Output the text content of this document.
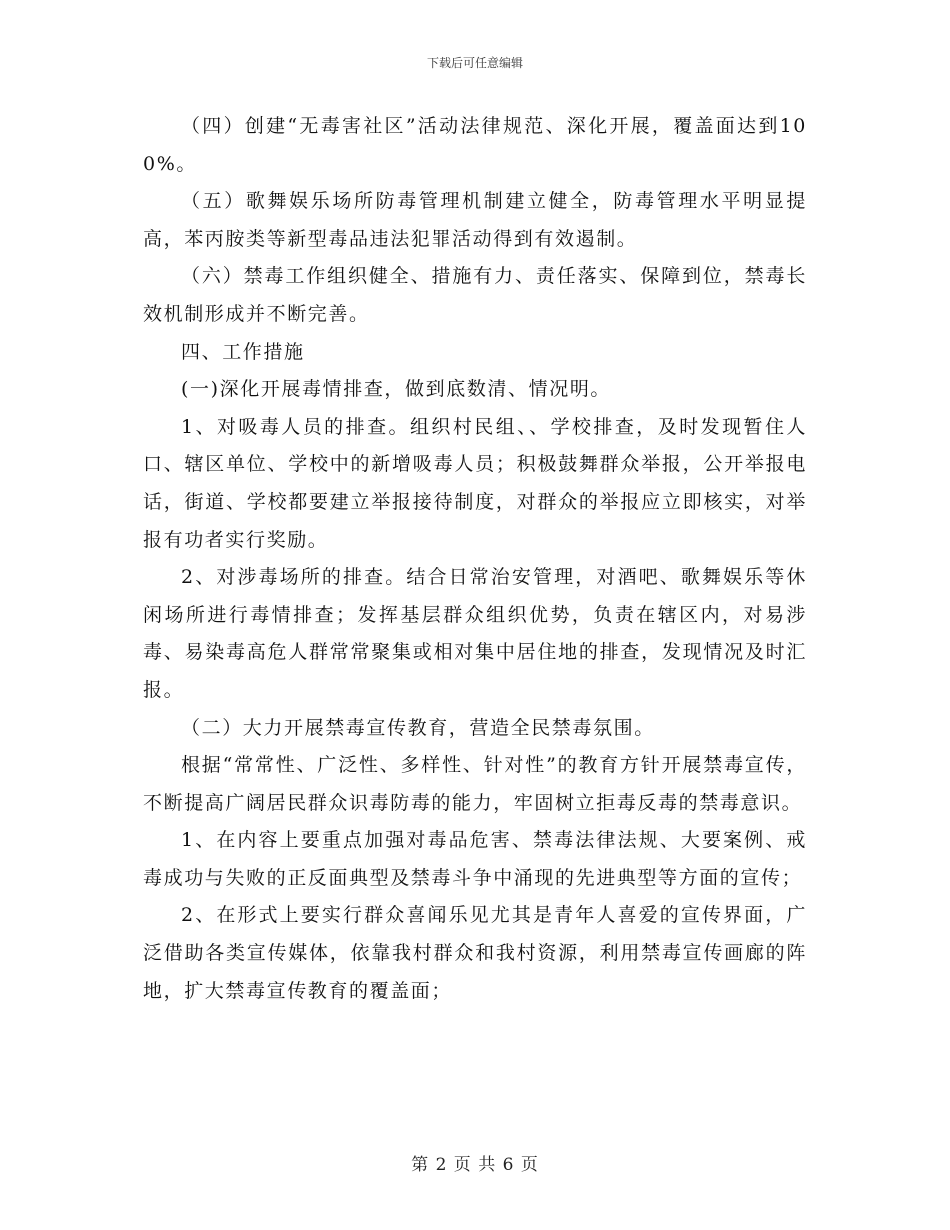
下载后可任意编辑

（四）创建“无毒害社区”活动法律规范、深化开展，覆盖面达到100%。

（五）歌舞娱乐场所防毒管理机制建立健全，防毒管理水平明显提高，苯丙胺类等新型毒品违法犯罪活动得到有效遏制。

（六）禁毒工作组织健全、措施有力、责任落实、保障到位，禁毒长效机制形成并不断完善。

四、工作措施

(一)深化开展毒情排查，做到底数清、情况明。

1、对吸毒人员的排查。组织村民组、、学校排查，及时发现暂住人口、辖区单位、学校中的新增吸毒人员；积极鼓舞群众举报，公开举报电话，街道、学校都要建立举报接待制度，对群众的举报应立即核实，对举报有功者实行奖励。

2、对涉毒场所的排查。结合日常治安管理，对酒吧、歌舞娱乐等休闲场所进行毒情排查；发挥基层群众组织优势，负责在辖区内，对易涉毒、易染毒高危人群常常聚集或相对集中居住地的排查，发现情况及时汇报。

（二）大力开展禁毒宣传教育，营造全民禁毒氛围。

根据“常常性、广泛性、多样性、针对性”的教育方针开展禁毒宣传，不断提高广阔居民群众识毒防毒的能力，牢固树立拒毒反毒的禁毒意识。

1、在内容上要重点加强对毒品危害、禁毒法律法规、大要案例、戒毒成功与失败的正反面典型及禁毒斗争中涌现的先进典型等方面的宣传；

2、在形式上要实行群众喜闻乐见尤其是青年人喜爱的宣传界面，广泛借助各类宣传媒体，依靠我村群众和我村资源，利用禁毒宣传画廊的阵地，扩大禁毒宣传教育的覆盖面；

第 2 页 共 6 页
